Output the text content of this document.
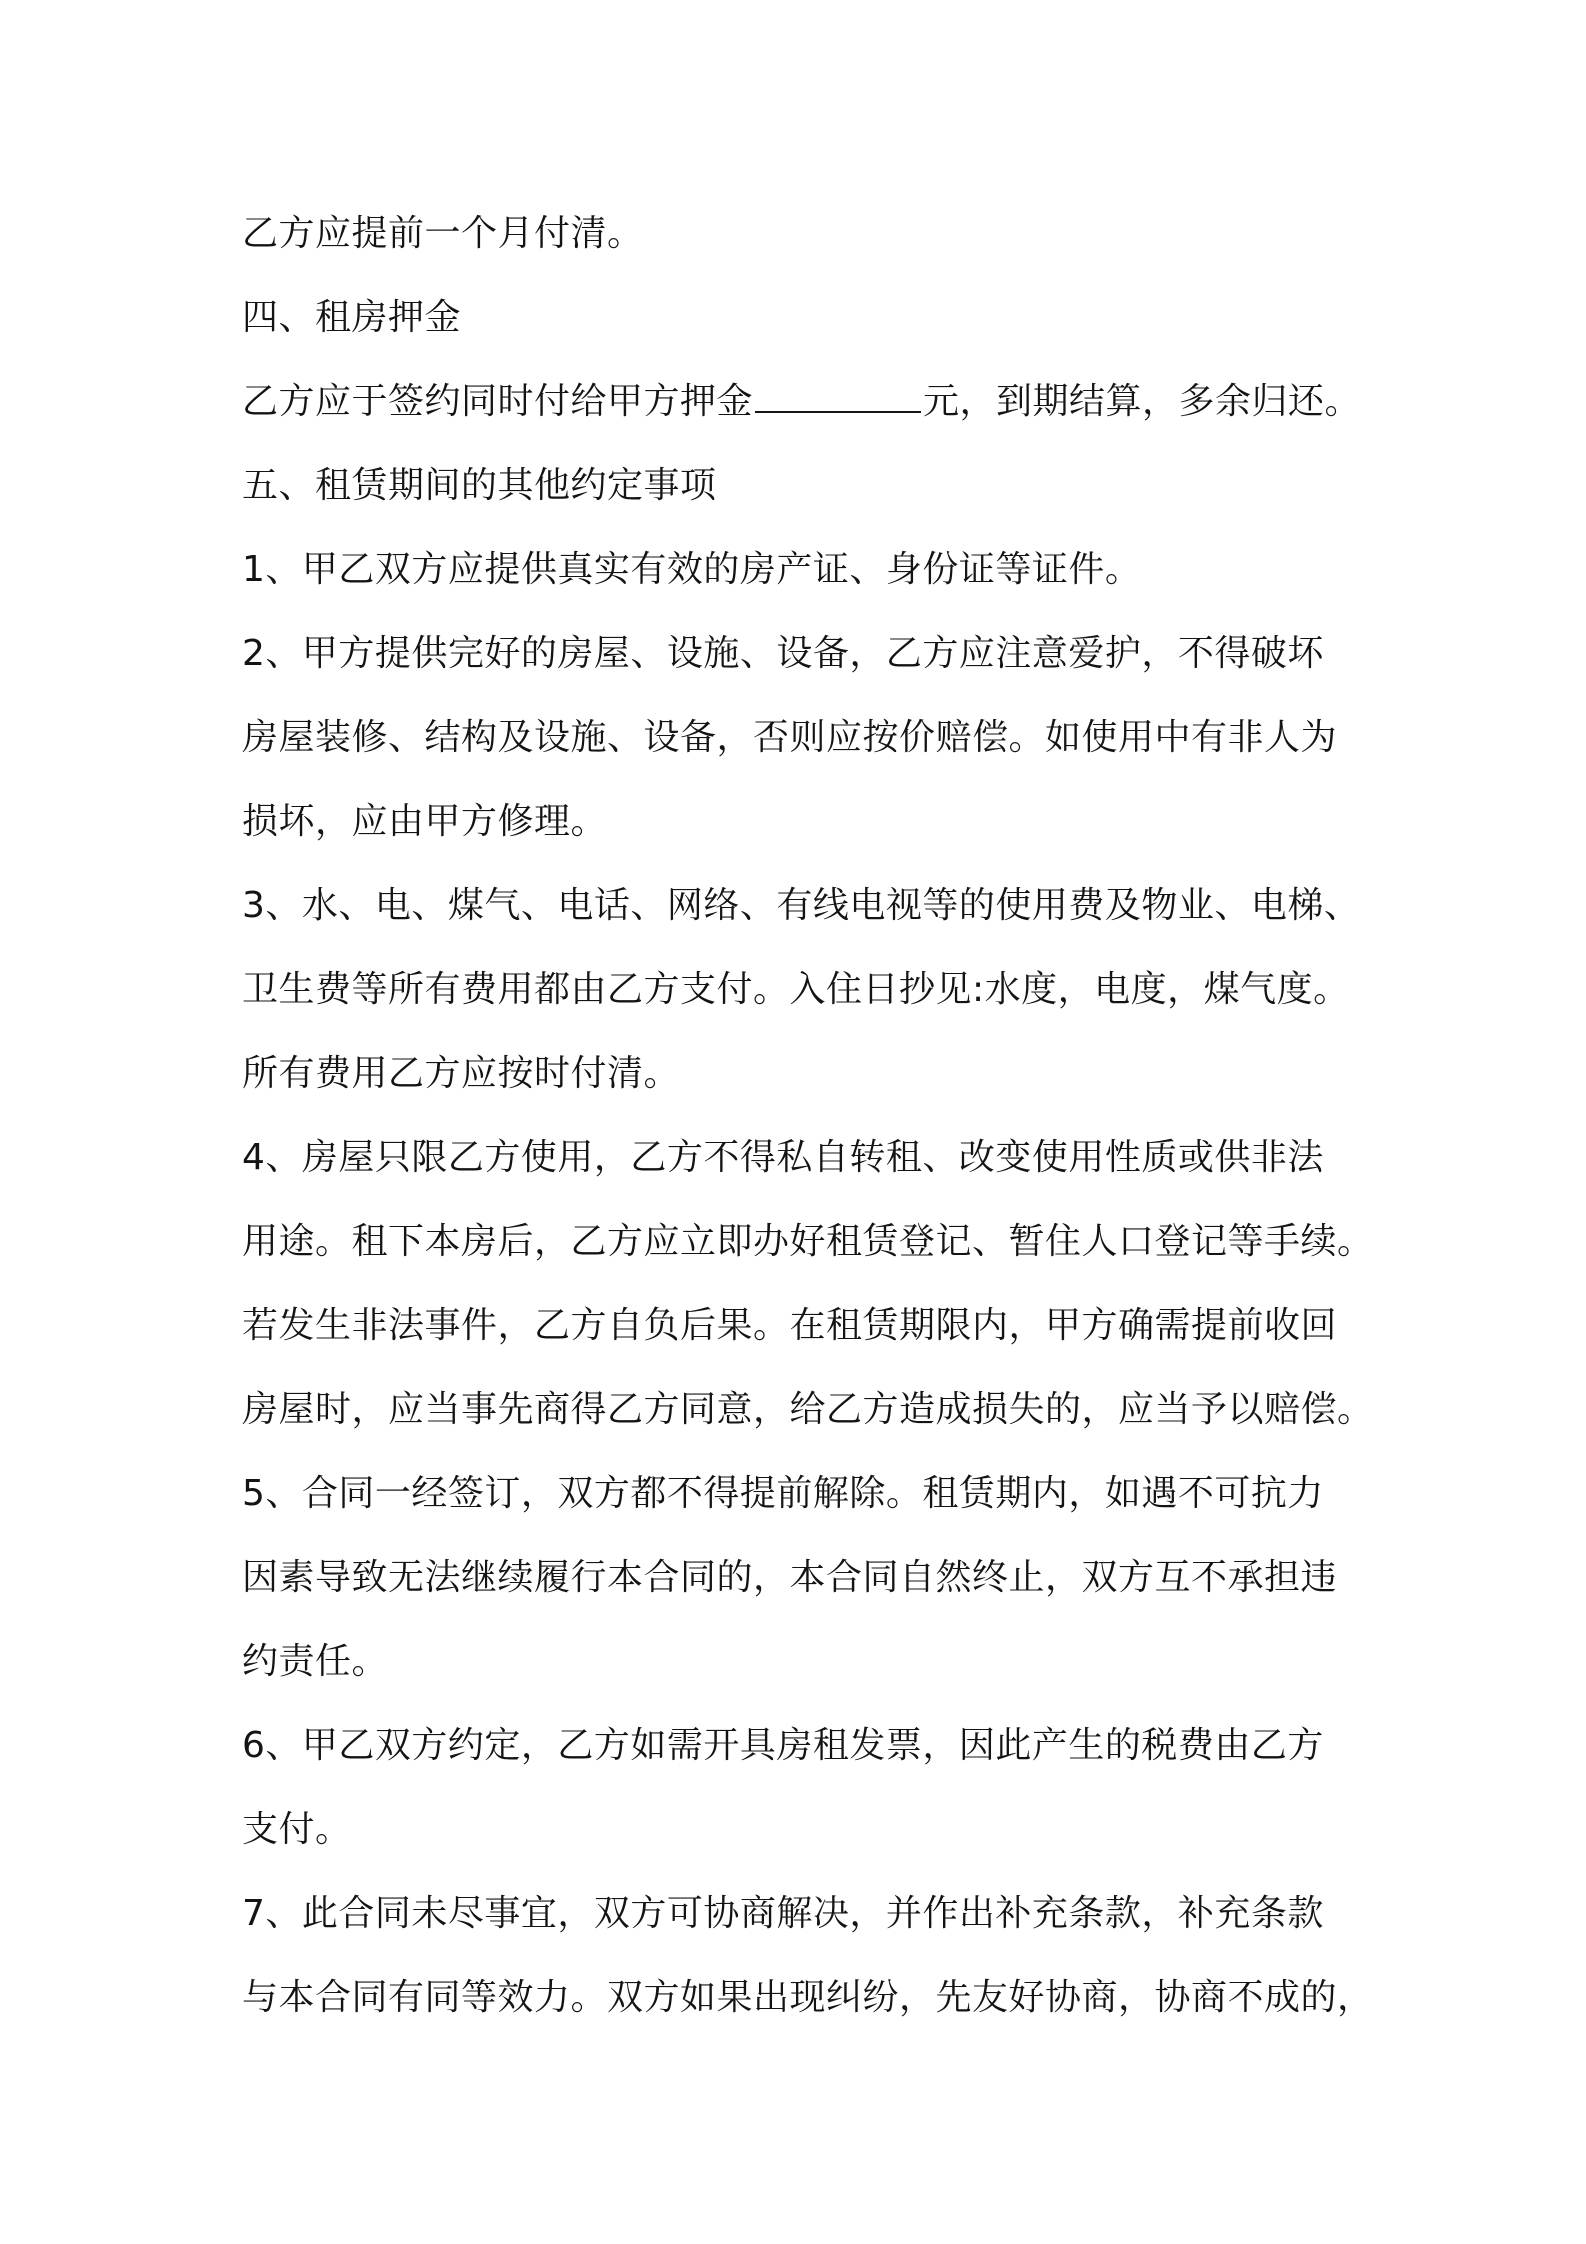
乙方应提前一个月付清。
四、租房押金
乙方应于签约同时付给甲方押金	元，到期结算，多余归还。
五、租赁期间的其他约定事项
1、甲乙双方应提供真实有效的房产证、身份证等证件。
2、甲方提供完好的房屋、设施、设备，乙方应注意爱护，不得破坏
房屋装修、结构及设施、设备，否则应按价赔偿。如使用中有非人为
损坏，应由甲方修理。
3、水、电、煤气、电话、网络、有线电视等的使用费及物业、电梯、
卫生费等所有费用都由乙方支付。入住日抄见:水度，电度，煤气度。
所有费用乙方应按时付清。
4、房屋只限乙方使用，乙方不得私自转租、改变使用性质或供非法
用途。租下本房后，乙方应立即办好租赁登记、暂住人口登记等手续。
若发生非法事件，乙方自负后果。在租赁期限内，甲方确需提前收回
房屋时，应当事先商得乙方同意，给乙方造成损失的，应当予以赔偿。
5、合同一经签订，双方都不得提前解除。租赁期内，如遇不可抗力
因素导致无法继续履行本合同的，本合同自然终止，双方互不承担违
约责任。
6、甲乙双方约定，乙方如需开具房租发票，因此产生的税费由乙方
支付。
7、此合同未尽事宜，双方可协商解决，并作出补充条款，补充条款
与本合同有同等效力。双方如果出现纠纷，先友好协商，协商不成的，
